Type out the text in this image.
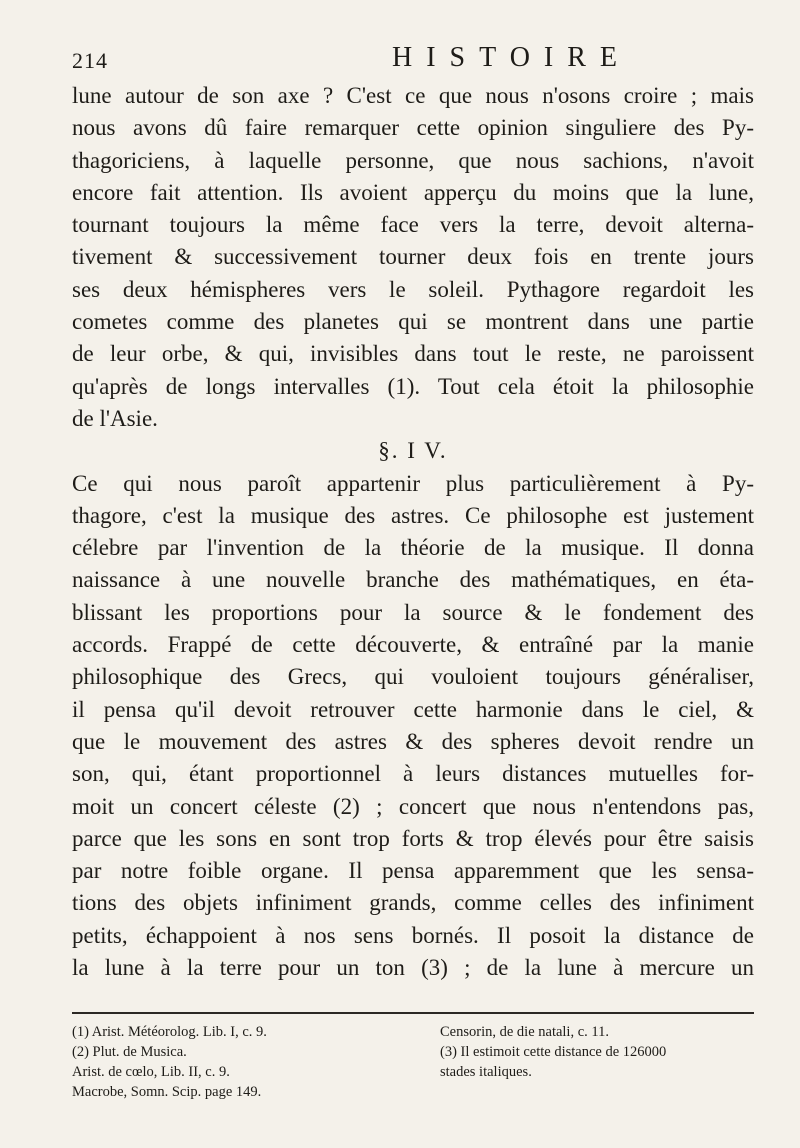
214	HISTOIRE
lune autour de son axe ? C'est ce que nous n'osons croire ; mais
nous avons dû faire remarquer cette opinion singuliere des Py-
thagoriciens, à laquelle personne, que nous sachions, n'avoit
encore fait attention. Ils avoient apperçu du moins que la lune,
tournant toujours la même face vers la terre, devoit alterna-
tivement & successivement tourner deux fois en trente jours
ses deux hémispheres vers le soleil. Pythagore regardoit les
cometes comme des planetes qui se montrent dans une partie
de leur orbe, & qui, invisibles dans tout le reste, ne paroissent
qu'après de longs intervalles (1). Tout cela étoit la philosophie
de l'Asie.
§. I V.
Ce qui nous paroît appartenir plus particulièrement à Py-
thagore, c'est la musique des astres. Ce philosophe est justement
célebre par l'invention de la théorie de la musique. Il donna
naissance à une nouvelle branche des mathématiques, en éta-
blissant les proportions pour la source & le fondement des
accords. Frappé de cette découverte, & entraîné par la manie
philosophique des Grecs, qui vouloient toujours généraliser,
il pensa qu'il devoit retrouver cette harmonie dans le ciel, &
que le mouvement des astres & des spheres devoit rendre un
son, qui, étant proportionnel à leurs distances mutuelles for-
moit un concert céleste (2) ; concert que nous n'entendons pas,
parce que les sons en sont trop forts & trop élevés pour être saisis
par notre foible organe. Il pensa apparemment que les sensa-
tions des objets infiniment grands, comme celles des infiniment
petits, échappoient à nos sens bornés. Il posoit la distance de
la lune à la terre pour un ton (3) ; de la lune à mercure un
(1) Arist. Météorolog. Lib. I, c. 9.
(2) Plut. de Musica.
Arist. de cœlo, Lib. II, c. 9.
Macrobe, Somn. Scip. page 149.
Censorin, de die natali, c. 11.
(3) Il estimoit cette distance de 126000
stades italiques.
